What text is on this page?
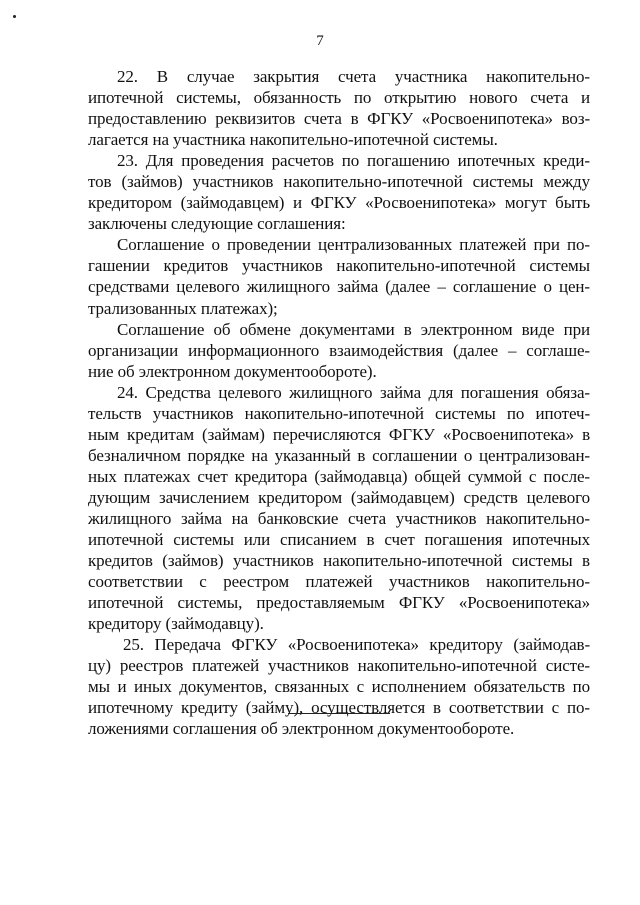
7
22. В случае закрытия счета участника накопительно-
ипотечной системы, обязанность по открытию нового счета и
предоставлению реквизитов счета в ФГКУ «Росвоенипотека» воз-
лагается на участника накопительно-ипотечной системы.
23. Для проведения расчетов по погашению ипотечных креди-
тов (займов) участников накопительно-ипотечной системы между
кредитором (займодавцем) и ФГКУ «Росвоенипотека» могут быть
заключены следующие соглашения:
Соглашение о проведении централизованных платежей при по-
гашении кредитов участников накопительно-ипотечной системы
средствами целевого жилищного займа (далее – соглашение о цен-
трализованных платежах);
Соглашение об обмене документами в электронном виде при
организации информационного взаимодействия (далее – соглаше-
ние об электронном документообороте).
24. Средства целевого жилищного займа для погашения обяза-
тельств участников накопительно-ипотечной системы по ипотеч-
ным кредитам (займам) перечисляются ФГКУ «Росвоенипотека» в
безналичном порядке на указанный в соглашении о централизован-
ных платежах счет кредитора (займодавца) общей суммой с после-
дующим зачислением кредитором (займодавцем) средств целевого
жилищного займа на банковские счета участников накопительно-
ипотечной системы или списанием в счет погашения ипотечных
кредитов (займов) участников накопительно-ипотечной системы в
соответствии с реестром платежей участников накопительно-
ипотечной системы, предоставляемым ФГКУ «Росвоенипотека»
кредитору (займодавцу).
25. Передача ФГКУ «Росвоенипотека» кредитору (займодав-
цу) реестров платежей участников накопительно-ипотечной систе-
мы и иных документов, связанных с исполнением обязательств по
ипотечному кредиту (займу), осуществляется в соответствии с по-
ложениями соглашения об электронном документообороте.
